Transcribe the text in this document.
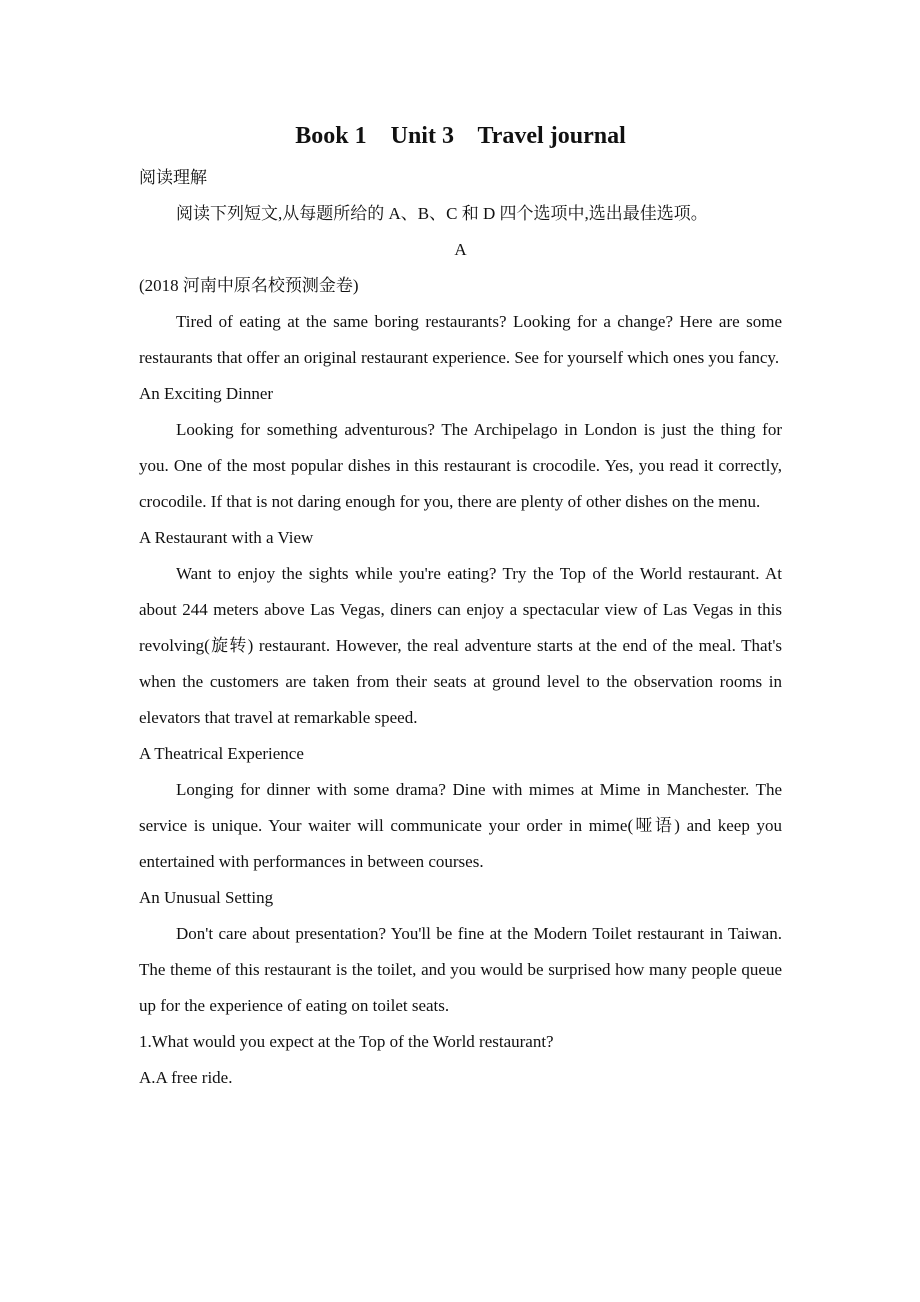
Book 1    Unit 3    Travel journal

阅读理解

阅读下列短文,从每题所给的 A、B、C 和 D 四个选项中,选出最佳选项。

A

(2018 河南中原名校预测金卷)

Tired of eating at the same boring restaurants? Looking for a change? Here are some restaurants that offer an original restaurant experience. See for yourself which ones you fancy.

An Exciting Dinner

Looking for something adventurous? The Archipelago in London is just the thing for you. One of the most popular dishes in this restaurant is crocodile. Yes, you read it correctly, crocodile. If that is not daring enough for you, there are plenty of other dishes on the menu.

A Restaurant with a View

Want to enjoy the sights while you're eating? Try the Top of the World restaurant. At about 244 meters above Las Vegas, diners can enjoy a spectacular view of Las Vegas in this revolving(旋转) restaurant. However, the real adventure starts at the end of the meal. That's when the customers are taken from their seats at ground level to the observation rooms in elevators that travel at remarkable speed.

A Theatrical Experience

Longing for dinner with some drama? Dine with mimes at Mime in Manchester. The service is unique. Your waiter will communicate your order in mime(哑语) and keep you entertained with performances in between courses.

An Unusual Setting

Don't care about presentation? You'll be fine at the Modern Toilet restaurant in Taiwan. The theme of this restaurant is the toilet, and you would be surprised how many people queue up for the experience of eating on toilet seats.

1.What would you expect at the Top of the World restaurant?

A.A free ride.
